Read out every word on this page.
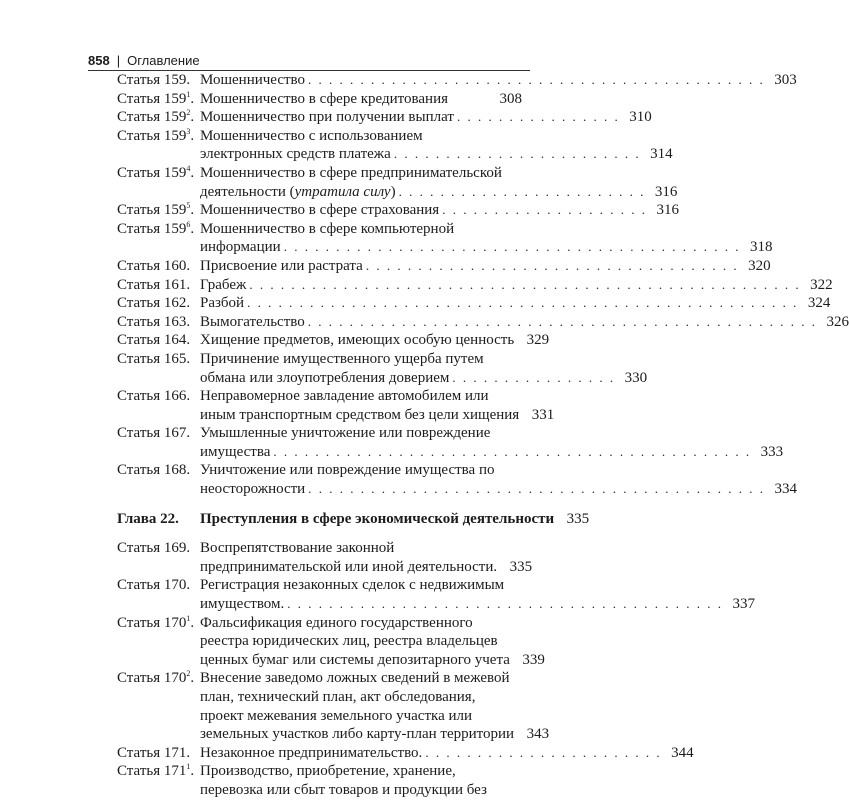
858 | Оглавление
Статья 159. Мошенничество . . . . . . . . . . . . . . . . . . . . . . . . . . . . . . . . . . . . . . . . . . . . 303
Статья $159^1$. Мошенничество в сфере кредитования	308
Статья $159^2$. Мошенничество при получении выплат . . . . . . . . . . . . . . . . 310
Статья $159^3$. Мошенничество с использованием
электронных средств платежа . . . . . . . . . . . . . . . . . . . . . . . . 314
Статья $159^4$. Мошенничество в сфере предпринимательской
деятельности (утратила силу) . . . . . . . . . . . . . . . . . . . . . . . . 316
Статья $159^5$. Мошенничество в сфере страхования . . . . . . . . . . . . . . . . . . . . 316
Статья $159^6$. Мошенничество в сфере компьютерной
информации . . . . . . . . . . . . . . . . . . . . . . . . . . . . . . . . . . . . . . . . . . . . 318
Статья 160. Присвоение или растрата . . . . . . . . . . . . . . . . . . . . . . . . . . . . . . . . . . . . 320
Статья 161. Грабеж . . . . . . . . . . . . . . . . . . . . . . . . . . . . . . . . . . . . . . . . . . . . . . . . . . . . . 322
Статья 162. Разбой . . . . . . . . . . . . . . . . . . . . . . . . . . . . . . . . . . . . . . . . . . . . . . . . . . . . . 324
Статья 163. Вымогательство . . . . . . . . . . . . . . . . . . . . . . . . . . . . . . . . . . . . . . . . . . . . . . . . . 326
Статья 164. Хищение предметов, имеющих особую ценность 329
Статья 165. Причинение имущественного ущерба путем
обмана или злоупотребления доверием . . . . . . . . . . . . . . . . 330
Статья 166. Неправомерное завладение автомобилем или
иным транспортным средством без цели хищения 331
Статья 167. Умышленные уничтожение или повреждение
имущества . . . . . . . . . . . . . . . . . . . . . . . . . . . . . . . . . . . . . . . . . . . . . . 333
Статья 168. Уничтожение или повреждение имущества по
неосторожности . . . . . . . . . . . . . . . . . . . . . . . . . . . . . . . . . . . . . . . . . . . . 334
Глава 22.	Преступления в сфере экономической деятельности 335
Статья 169. Воспрепятствование законной
предпринимательской или иной деятельности. 335
Статья 170. Регистрация незаконных сделок с недвижимым
имуществом. . . . . . . . . . . . . . . . . . . . . . . . . . . . . . . . . . . . . . . . . . . 337
Статья $170^1$. Фальсификация единого государственного
реестра юридических лиц, реестра владельцев
ценных бумаг или системы депозитарного учета 339
Статья $170^2$. Внесение заведомо ложных сведений в межевой
план, технический план, акт обследования,
проект межевания земельного участка или
земельных участков либо карту-план территории 343
Статья 171. Незаконное предпринимательство. . . . . . . . . . . . . . . . . . . . . . . . 344
Статья $171^1$. Производство, приобретение, хранение,
перевозка или сбыт товаров и продукции без
